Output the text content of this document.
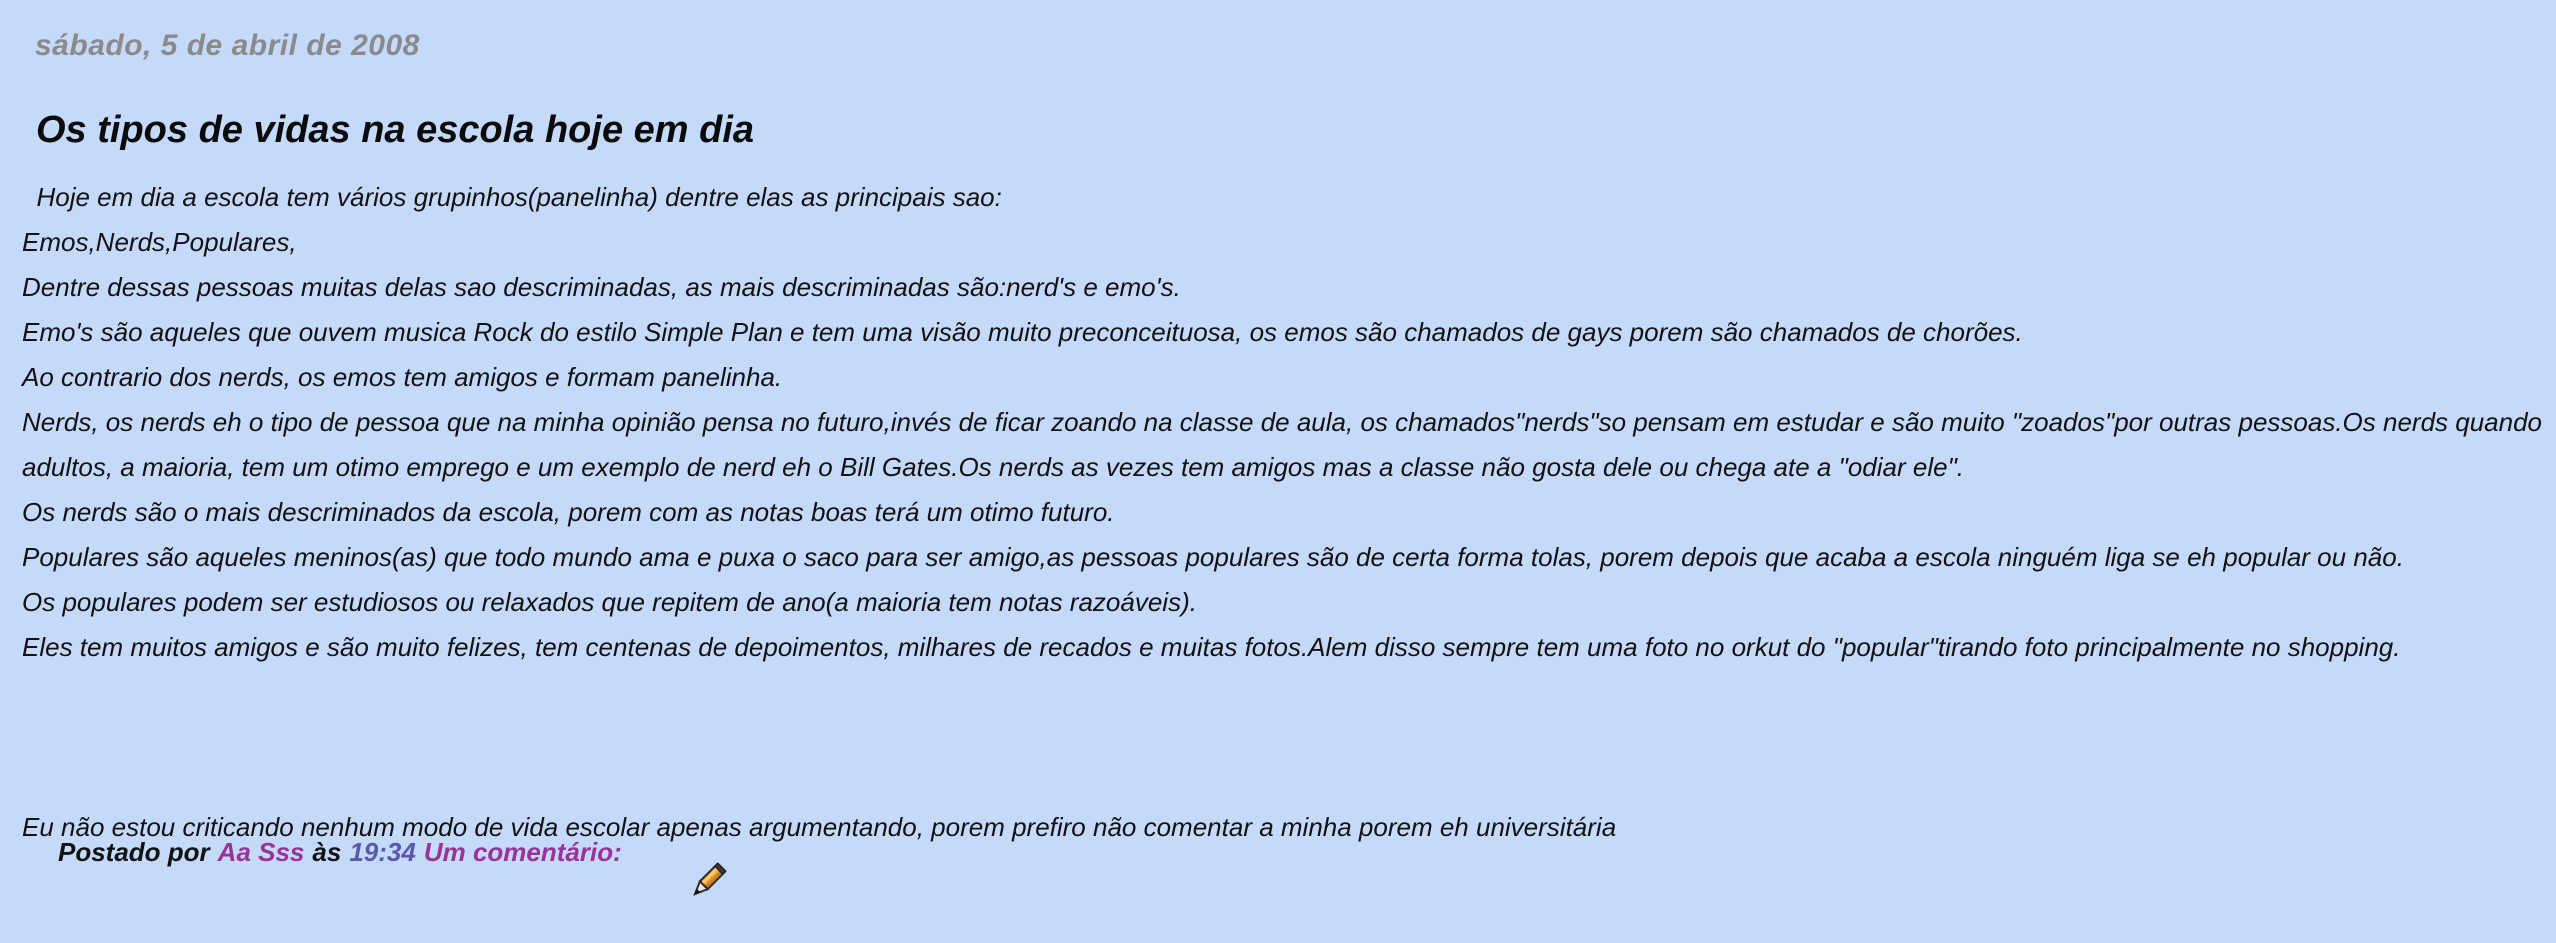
sábado, 5 de abril de 2008
Os tipos de vidas na escola hoje em dia
Hoje em dia a escola tem vários grupinhos(panelinha) dentre elas as principais sao:
Emos,Nerds,Populares,
Dentre dessas pessoas muitas delas sao descriminadas, as mais descriminadas são:nerd's e emo's.
Emo's são aqueles que ouvem musica Rock do estilo Simple Plan e tem uma visão muito preconceituosa, os emos são chamados de gays porem são chamados de chorões.
Ao contrario dos nerds, os emos tem amigos e formam panelinha.
Nerds, os nerds eh o tipo de pessoa que na minha opinião pensa no futuro,invés de ficar zoando na classe de aula, os chamados"nerds"so pensam em estudar e são muito "zoados"por outras pessoas.Os nerds quando adultos, a maioria, tem um otimo emprego e um exemplo de nerd eh o Bill Gates.Os nerds as vezes tem amigos mas a classe não gosta dele ou chega ate a "odiar ele".
Os nerds são o mais descriminados da escola, porem com as notas boas terá um otimo futuro.
Populares são aqueles meninos(as) que todo mundo ama e puxa o saco para ser amigo,as pessoas populares são de certa forma tolas, porem depois que acaba a escola ninguém liga se eh popular ou não.
Os populares podem ser estudiosos ou relaxados que repitem de ano(a maioria tem notas razoáveis).
Eles tem muitos amigos e são muito felizes, tem centenas de depoimentos, milhares de recados e muitas fotos.Alem disso sempre tem uma foto no orkut do "popular"tirando foto principalmente no shopping.
Eu não estou criticando nenhum modo de vida escolar apenas argumentando, porem prefiro não comentar a minha porem eh universitária
Postado por Aa Sss às 19:34 Um comentário:
